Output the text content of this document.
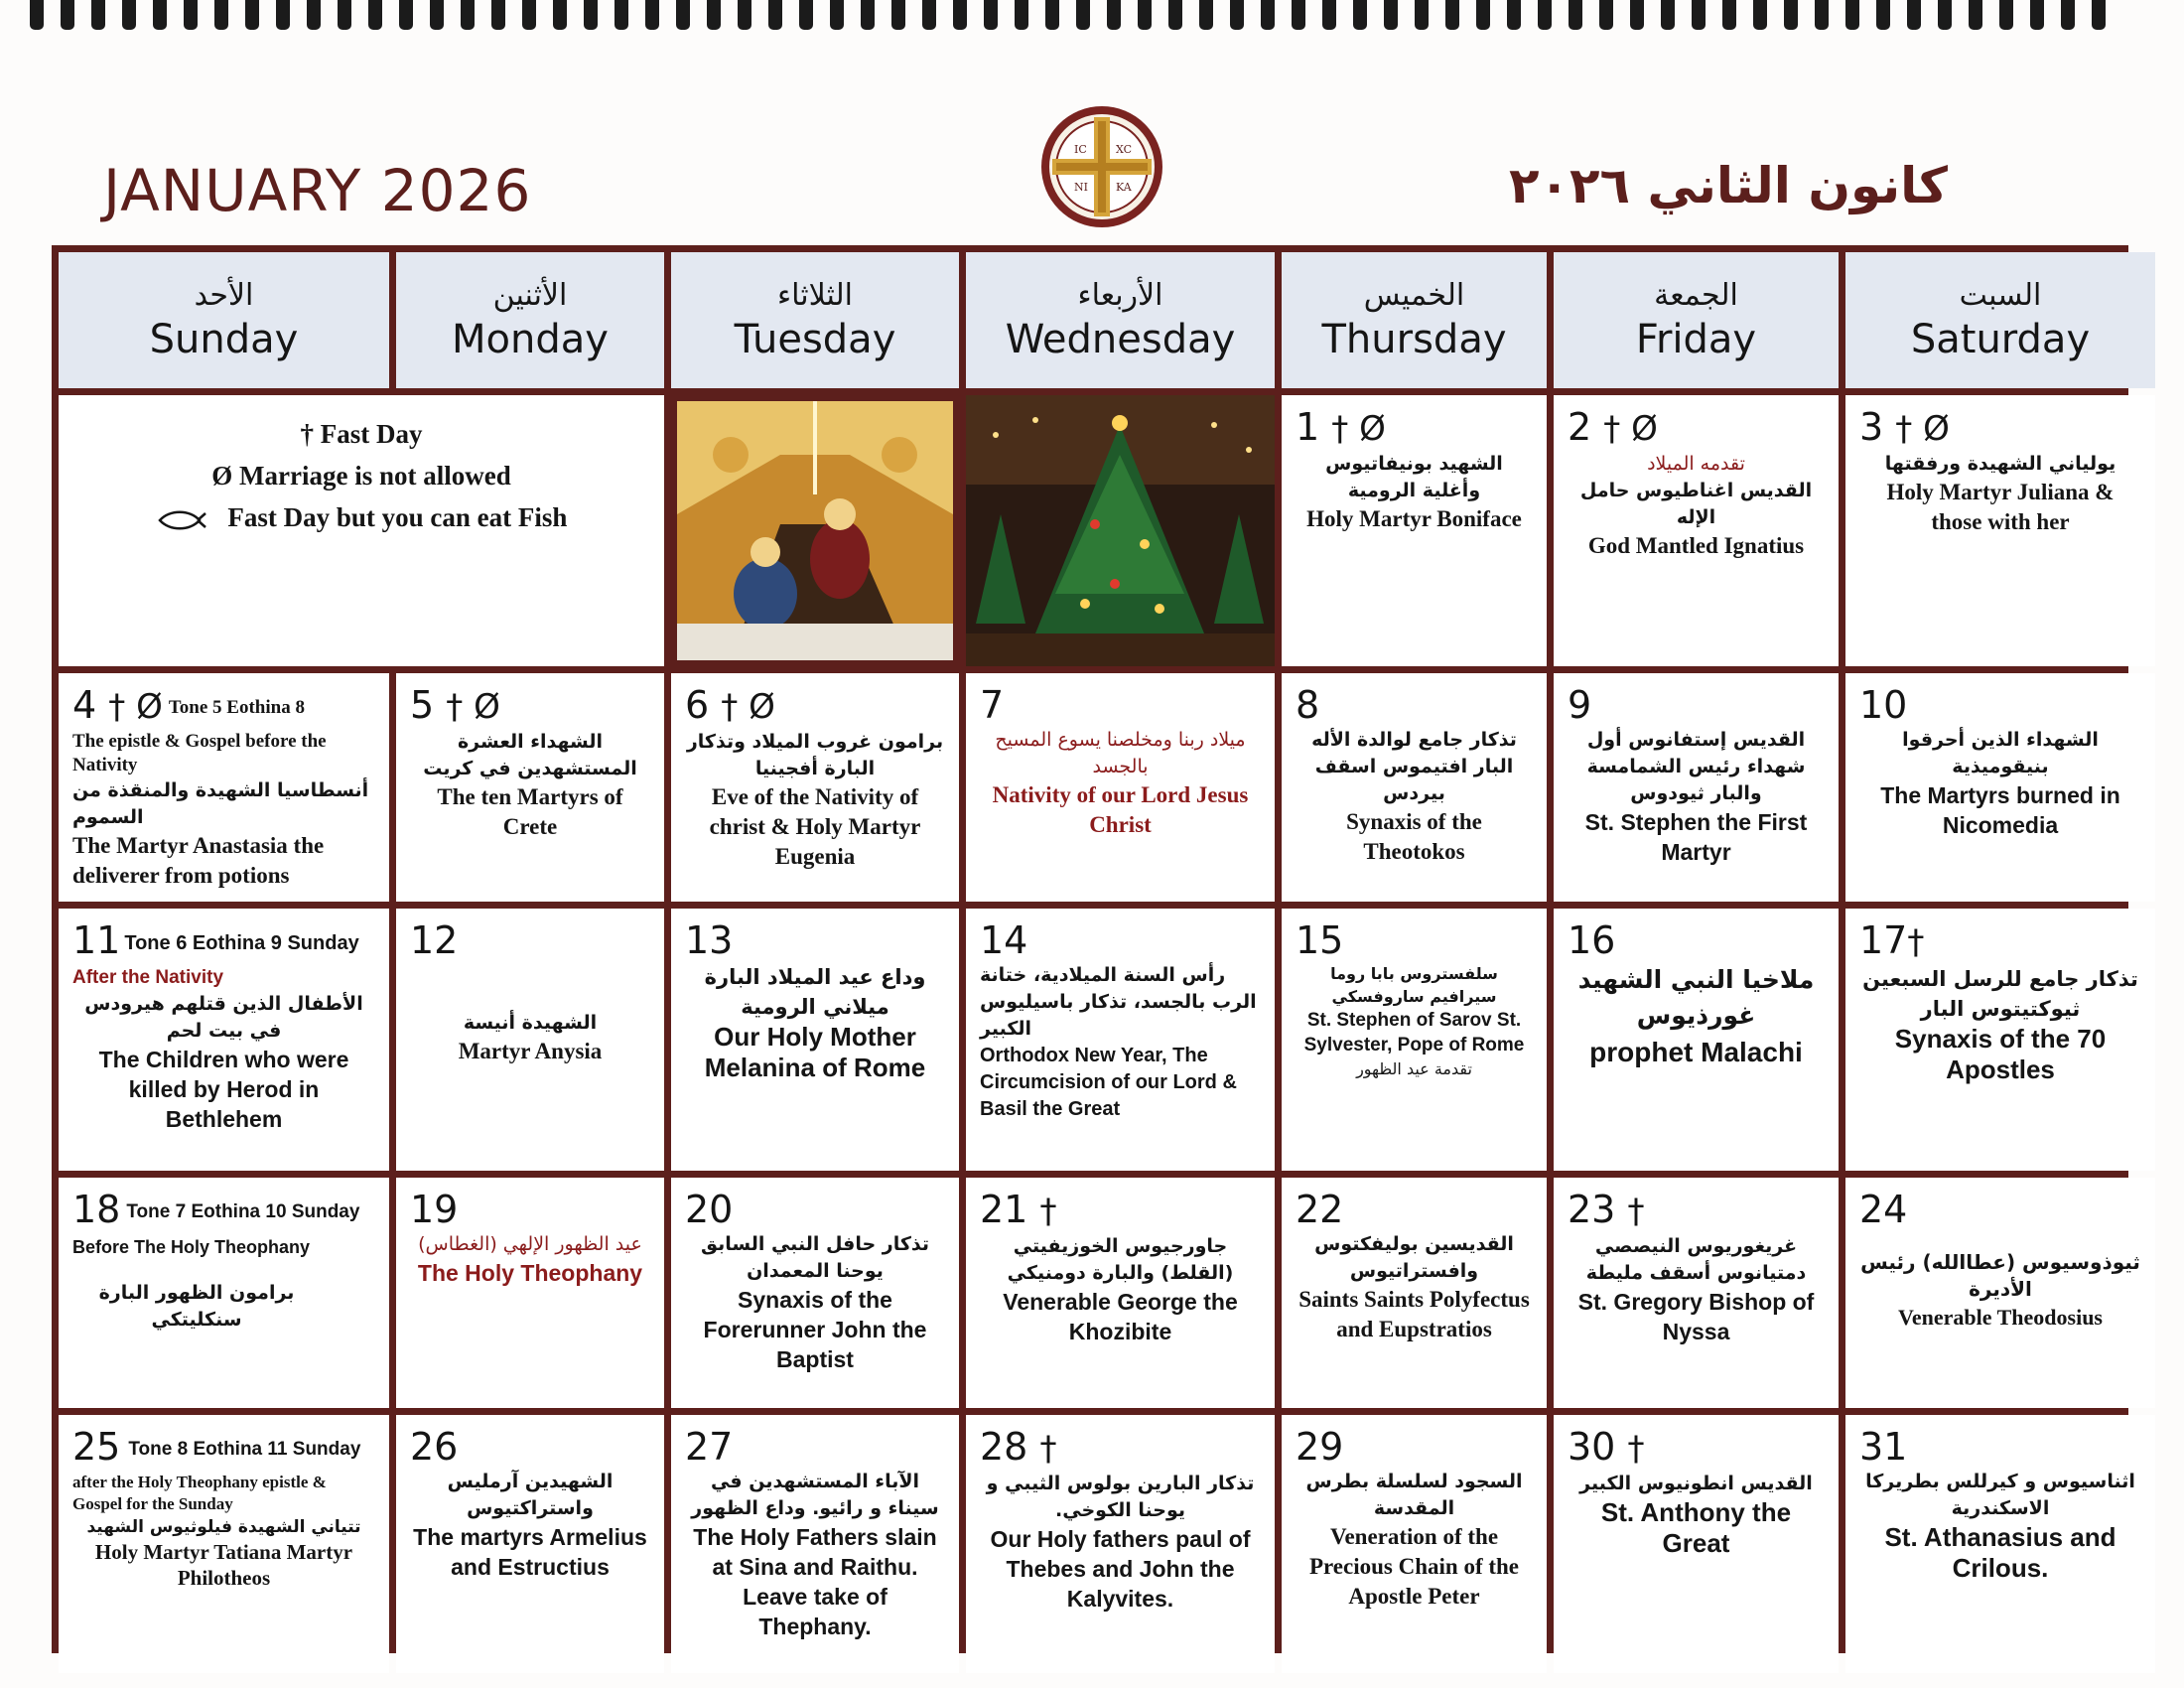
JANUARY 2026
IC	XC
NI	KA	كانون الثاني ٢٠٢٦
الأحد
Sunday
الأثنين
Monday
الثلاثاء
Tuesday
الأربعاء
Wednesday
الخميس
Thursday
الجمعة
Friday
السبت
Saturday
† Fast Day
Ø Marriage is not allowed
Fast Day but you can eat Fish
1 † Ø
الشهيد بونيفاتيوس وأغلية الرومية
Holy Martyr Boniface
2 † Ø
تقدمه الميلاد
القديس اغناطيوس حامل الإله
God Mantled Ignatius
3 † Ø
يولياني الشهيدة ورفقتها
Holy Martyr Juliana & those with her
4 † Ø Tone 5 Eothina 8
The epistle & Gospel before the Nativity
أنسطاسيا الشهيدة والمنقذة من السموم
The Martyr Anastasia the deliverer from potions
5 † Ø
الشهداء العشرة المستشهدين في كريت
The ten Martyrs of Crete
6 † Ø
برامون غروب الميلاد وتذكار البارة أفجينيا
Eve of the Nativity of christ & Holy Martyr Eugenia
7
ميلاد ربنا ومخلصنا يسوع المسيح بالجسد
Nativity of our Lord Jesus Christ
8
تذكار جامع لوالدة الأله البار افتيموس اسقف بيردس
Synaxis of the Theotokos
9
القديس إستفانوس أول شهداء رئيس الشمامسة والبار ثيودوس
St. Stephen the First Martyr
10
الشهداء الذين أحرقوا بنيقوميذية
The Martyrs burned in Nicomedia
11 Tone 6 Eothina 9 Sunday
After the Nativity
الأطفال الذين قتلهم هيرودس في بيت لحم
The Children who were killed by Herod in Bethlehem
12
الشهيدة أنيسة
Martyr Anysia
13
وداع عيد الميلاد البارة ميلاني الرومية
Our Holy Mother Melanina of Rome
14
رأس السنة الميلادية، ختانة الرب بالجسد، تذكار باسيليوس الكبير
Orthodox New Year, The Circumcision of our Lord & Basil the Great
15
سلفستروس بابا روما سيرافيم ساروفسكي
St. Stephen of Sarov St. Sylvester, Pope of Rome
تقدمة عيد الظهور
16
ملاخيا النبي الشهيد غورذيوس
prophet Malachi
17†
تذكار جامع للرسل السبعين ثيوكتيتوس البار
Synaxis of the 70 Apostles
18 Tone 7 Eothina 10 Sunday
Before The Holy Theophany
برامون الظهور البارة سنكليتكي
19
عيد الظهور الإلهي (الغطاس)
The Holy Theophany
20
تذكار حافل النبي السابق يوحنا المعمدان
Synaxis of the Forerunner John the Baptist
21 †
جاورجيوس الخوزيفيتي (القلط) والبارة دومنيكي
Venerable George the Khozibite
22
القديسين بوليفكتوس وافستراتيوس
Saints Saints Polyfectus and Eupstratios
23 †
غريغوريوس النيصصي دمتيانوس أسقف مليطة
St. Gregory Bishop of Nyssa
24
ثيوذوسيوس (عطاالله) رئيس الأديرة
Venerable Theodosius
25 Tone 8 Eothina 11 Sunday
after the Holy Theophany epistle & Gospel for the Sunday
تتياني الشهيدة فيلوثيوس الشهيد
Holy Martyr Tatiana Martyr Philotheos
26
الشهيدين آرمليس واستراكتيوس
The martyrs Armelius and Estructius
27
الآباء المستشهدين في سيناء و رائيو. وداع الظهور
The Holy Fathers slain at Sina and Raithu. Leave take of Thephany.
28 †
تذكار البارين بولوس الثيبي و يوحنا الكوخي.
Our Holy fathers paul of Thebes and John the Kalyvites.
29
السجود لسلسلة بطرس المقدسة
Veneration of the Precious Chain of the Apostle Peter
30 †
القديس انطونيوس الكبير
St. Anthony the Great
31
اثناسيوس و كيرللس بطريركا الاسكندرية
St. Athanasius and Crilous.
